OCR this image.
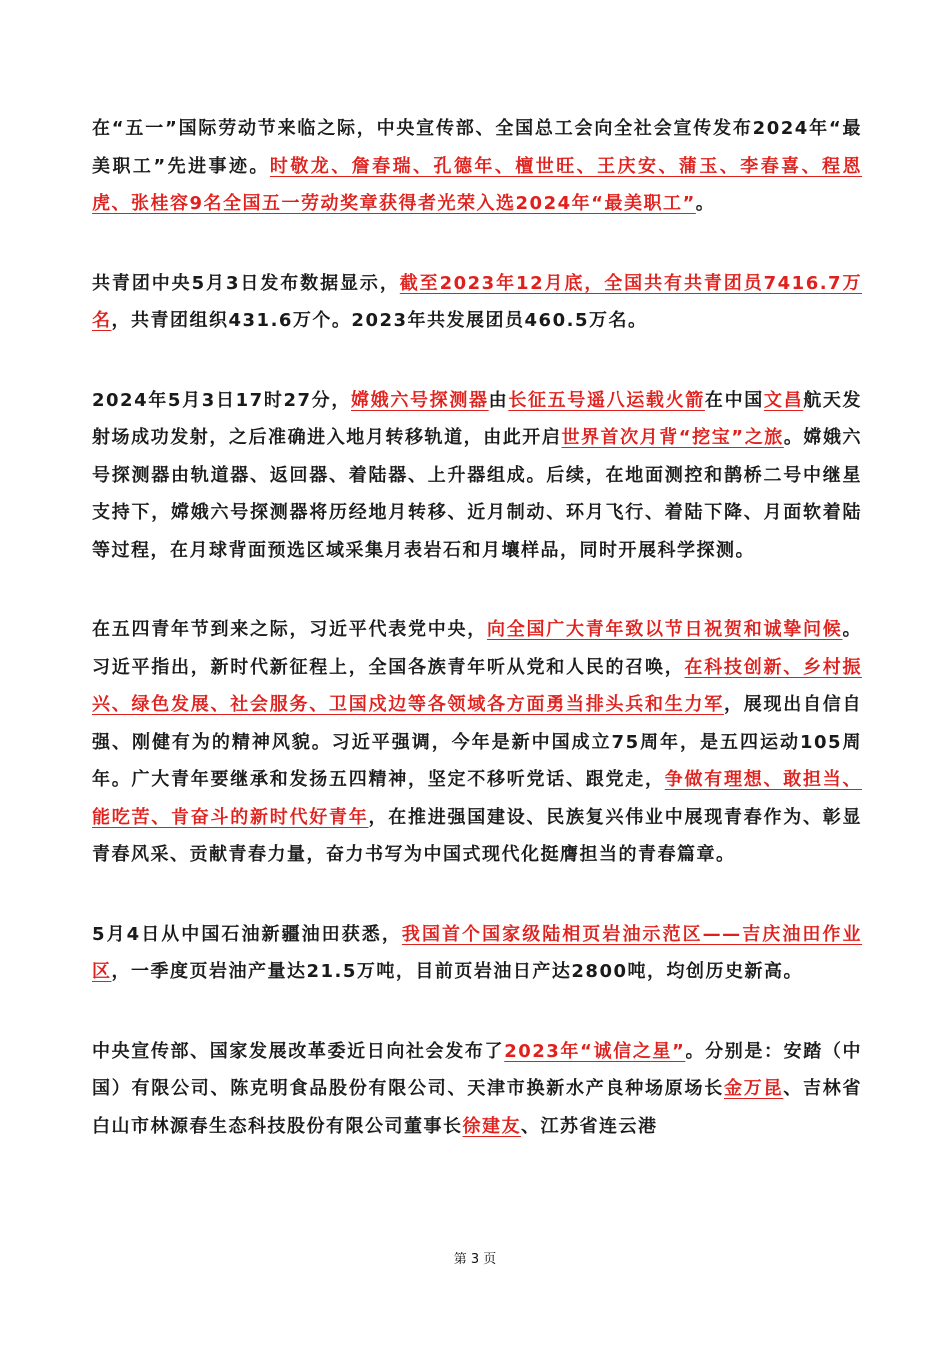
在“五一”国际劳动节来临之际，中央宣传部、全国总工会向全社会宣传发布2024年“最美职工”先进事迹。时敬龙、詹春瑞、孔德年、檀世旺、王庆安、蒲玉、李春喜、程恩虎、张桂容9名全国五一劳动奖章获得者光荣入选2024年“最美职工”。

共青团中央5月3日发布数据显示，截至2023年12月底，全国共有共青团员7416.7万名，共青团组织431.6万个。2023年共发展团员460.5万名。

2024年5月3日17时27分，嫦娥六号探测器由长征五号遥八运载火箭在中国文昌航天发射场成功发射，之后准确进入地月转移轨道，由此开启世界首次月背“挖宝”之旅。嫦娥六号探测器由轨道器、返回器、着陆器、上升器组成。后续，在地面测控和鹊桥二号中继星支持下，嫦娥六号探测器将历经地月转移、近月制动、环月飞行、着陆下降、月面软着陆等过程，在月球背面预选区域采集月表岩石和月壤样品，同时开展科学探测。

在五四青年节到来之际，习近平代表党中央，向全国广大青年致以节日祝贺和诚挚问候。习近平指出，新时代新征程上，全国各族青年听从党和人民的召唤，在科技创新、乡村振兴、绿色发展、社会服务、卫国戍边等各领域各方面勇当排头兵和生力军，展现出自信自强、刚健有为的精神风貌。习近平强调，今年是新中国成立75周年，是五四运动105周年。广大青年要继承和发扬五四精神，坚定不移听党话、跟党走，争做有理想、敢担当、能吃苦、肯奋斗的新时代好青年，在推进强国建设、民族复兴伟业中展现青春作为、彰显青春风采、贡献青春力量，奋力书写为中国式现代化挺膺担当的青春篇章。

5月4日从中国石油新疆油田获悉，我国首个国家级陆相页岩油示范区——吉庆油田作业区，一季度页岩油产量达21.5万吨，目前页岩油日产达2800吨，均创历史新高。

中央宣传部、国家发展改革委近日向社会发布了2023年“诚信之星”。分别是：安踏（中国）有限公司、陈克明食品股份有限公司、天津市换新水产良种场原场长金万昆、吉林省白山市林源春生态科技股份有限公司董事长徐建友、江苏省连云港

第 3 页
